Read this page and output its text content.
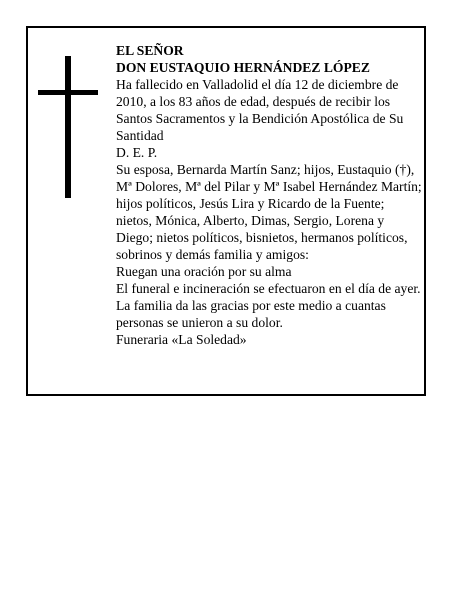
EL SEÑOR

DON EUSTAQUIO HERNÁNDEZ LÓPEZ

Ha fallecido en Valladolid el día 12 de diciembre de 2010, a los 83 años de edad, después de recibir los Santos Sacramentos y la Bendición Apostólica de Su Santidad

D. E. P.

Su esposa, Bernarda Martín Sanz; hijos, Eustaquio (†), Mª Dolores, Mª del Pilar y Mª Isabel Hernández Martín; hijos políticos, Jesús Lira y Ricardo de la Fuente; nietos, Mónica, Alberto, Dimas, Sergio, Lorena y Diego; nietos políticos, bisnietos, hermanos políticos, sobrinos y demás familia y amigos:

Ruegan una oración por su alma

El funeral e incineración se efectuaron en el día de ayer.

La familia da las gracias por este medio a cuantas personas se unieron a su dolor.

Funeraria «La Soledad»
